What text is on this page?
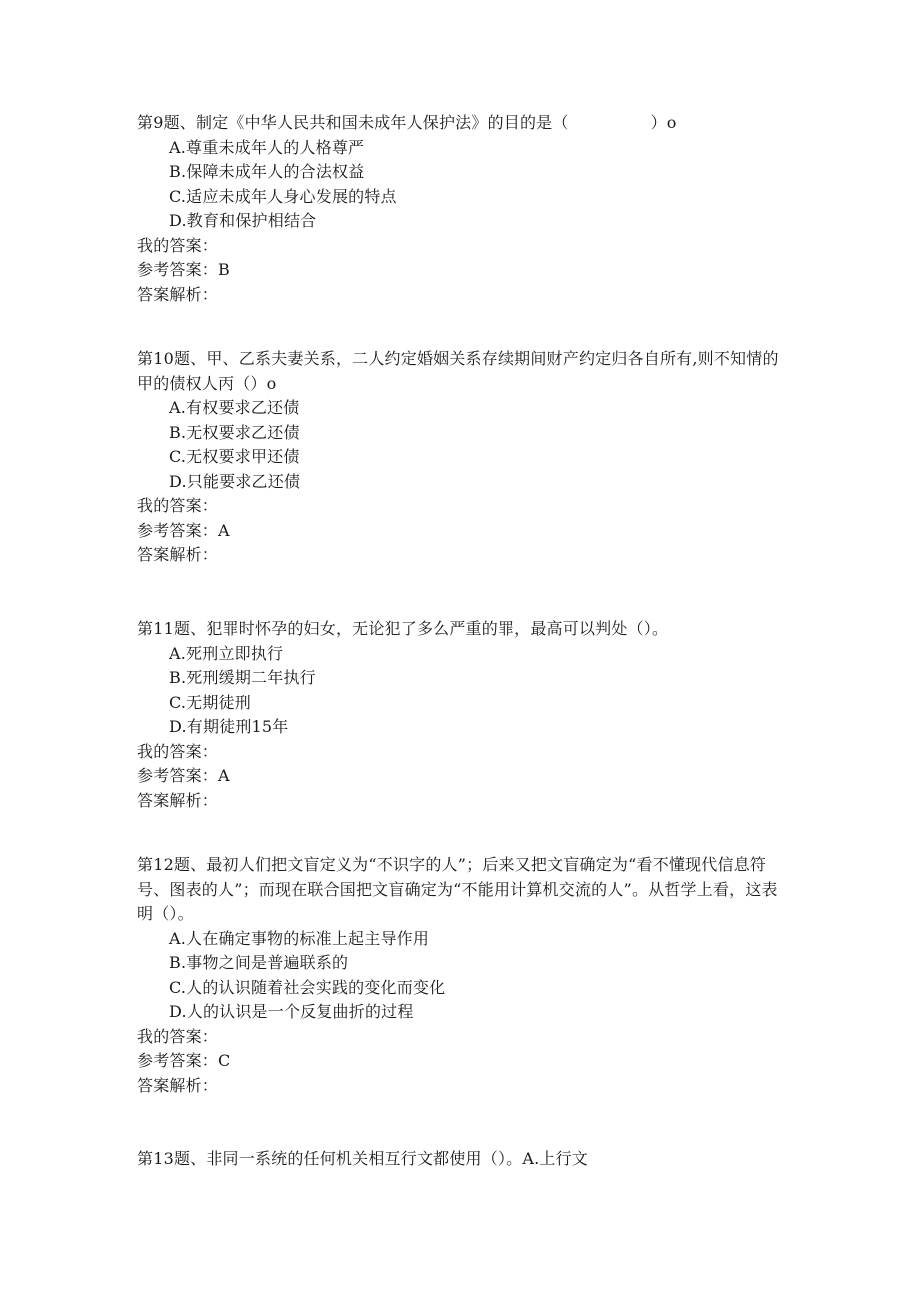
第9题、制定《中华人民共和国未成年人保护法》的目的是（	）o

A.尊重未成年人的人格尊严
B.保障未成年人的合法权益
C.适应未成年人身心发展的特点
D.教育和保护相结合
我的答案：
参考答案：B
答案解析：

第10题、甲、乙系夫妻关系，二人约定婚姻关系存续期间财产约定归各自所有,则不知情的甲的债权人丙（）o

A.有权要求乙还债
B.无权要求乙还债
C.无权要求甲还债
D.只能要求乙还债
我的答案：
参考答案：A
答案解析：

第11题、犯罪时怀孕的妇女，无论犯了多么严重的罪，最高可以判处（）。

A.死刑立即执行
B.死刑缓期二年执行
C.无期徒刑
D.有期徒刑15年
我的答案：
参考答案：A
答案解析：

第12题、最初人们把文盲定义为“不识字的人”；后来又把文盲确定为“看不懂现代信息符号、图表的人”；而现在联合国把文盲确定为“不能用计算机交流的人”。从哲学上看，这表明（）。

A.人在确定事物的标准上起主导作用
B.事物之间是普遍联系的
C.人的认识随着社会实践的变化而变化
D.人的认识是一个反复曲折的过程
我的答案：
参考答案：C
答案解析：

第13题、非同一系统的任何机关相互行文都使用（）。A.上行文
